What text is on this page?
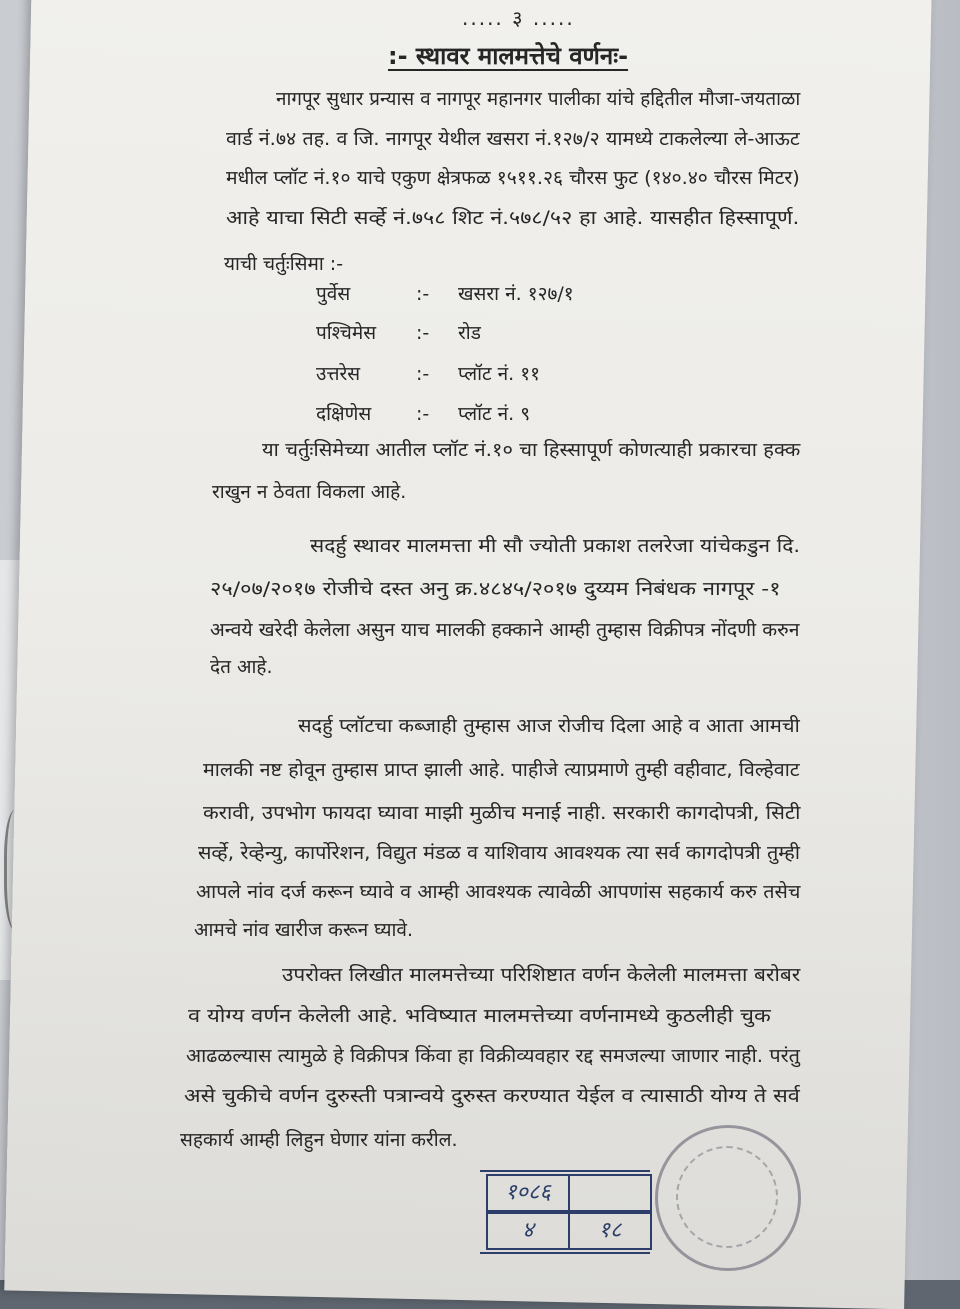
..... ३ .....
:- स्थावर मालमत्तेचे वर्णनः-
नागपूर सुधार प्रन्यास व नागपूर महानगर पालीका यांचे हद्दितील मौजा-जयताळा
वार्ड नं.७४ तह. व जि. नागपूर येथील खसरा नं.१२७/२ यामध्ये टाकलेल्या ले-आऊट
मधील प्लॉट नं.१० याचे एकुण क्षेत्रफळ १५११.२६ चौरस फुट (१४०.४० चौरस मिटर)
आहे याचा सिटी सर्व्हे नं.७५८ शिट नं.५७८/५२ हा आहे. यासहीत हिस्सापूर्ण.
याची चर्तुःसिमा :-
पुर्वेस	:- खसरा नं. १२७/१
पश्चिमेस :- रोड
उत्तरेस	:- प्लॉट नं. ११
दक्षिणेस :- प्लॉट नं. ९
या चर्तुःसिमेच्या आतील प्लॉट नं.१० चा हिस्सापूर्ण कोणत्याही प्रकारचा हक्क
राखुन न ठेवता विकला आहे.
सदर्हु स्थावर मालमत्ता मी सौ ज्योती प्रकाश तलरेजा यांचेकडुन दि.
२५/०७/२०१७ रोजीचे दस्त अनु क्र.४८४५/२०१७ दुय्यम निबंधक नागपूर -१
अन्वये खरेदी केलेला असुन याच मालकी हक्काने आम्ही तुम्हास विक्रीपत्र नोंदणी करुन
देत आहे.
सदर्हु प्लॉटचा कब्जाही तुम्हास आज रोजीच दिला आहे व आता आमची
मालकी नष्ट होवून तुम्हास प्राप्त झाली आहे. पाहीजे त्याप्रमाणे तुम्ही वहीवाट, विल्हेवाट
करावी, उपभोग फायदा घ्यावा माझी मुळीच मनाई नाही. सरकारी कागदोपत्री, सिटी
सर्व्हे, रेव्हेन्यु, कार्पोरेशन, विद्युत मंडळ व याशिवाय आवश्यक त्या सर्व कागदोपत्री तुम्ही
आपले नांव दर्ज करून घ्यावे व आम्ही आवश्यक त्यावेळी आपणांस सहकार्य करु तसेच
आमचे नांव खारीज करून घ्यावे.
उपरोक्त लिखीत मालमत्तेच्या परिशिष्टात वर्णन केलेली मालमत्ता बरोबर
व योग्य वर्णन केलेली आहे. भविष्यात मालमत्तेच्या वर्णनामध्ये कुठलीही चुक
आढळल्यास त्यामुळे हे विक्रीपत्र किंवा हा विक्रीव्यवहार रद्द समजल्या जाणार नाही. परंतु
असे चुकीचे वर्णन दुरुस्ती पत्रान्वये दुरुस्त करण्यात येईल व त्यासाठी योग्य ते सर्व
सहकार्य आम्ही लिहुन घेणार यांना करील.
१०८६
४	१८
